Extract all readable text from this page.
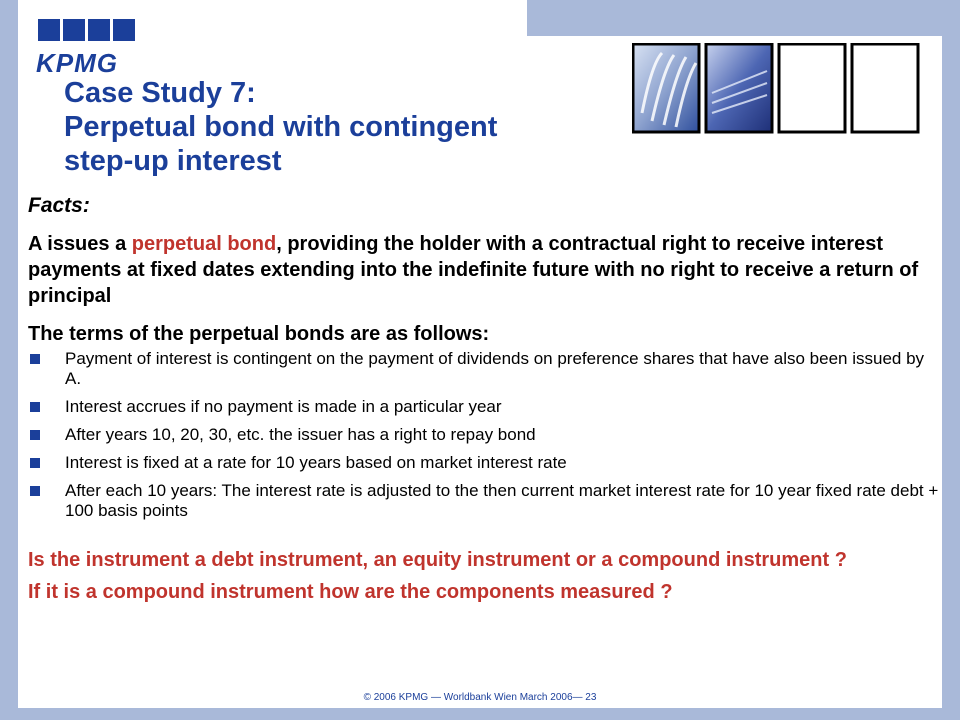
KPMG
Case Study 7:
Perpetual bond with contingent
step-up interest
Facts:
A issues a perpetual bond, providing the holder with a contractual right to receive interest payments at fixed dates extending into the indefinite future with no right to receive a return of principal
The terms of the perpetual bonds are as follows:
Payment of interest is contingent on the payment of dividends on preference shares that have also been issued by A.
Interest accrues if no payment is made in a particular year
After years 10, 20, 30, etc. the issuer has a right to repay bond
Interest is fixed at a rate for 10 years based on market interest rate
After each 10 years: The interest rate is adjusted to the then current market interest rate for 10 year fixed rate debt + 100 basis points
Is the instrument a debt instrument, an equity instrument or a compound instrument ?
If it is a compound instrument how are the components measured ?
© 2006 KPMG — Worldbank Wien March 2006— 23
